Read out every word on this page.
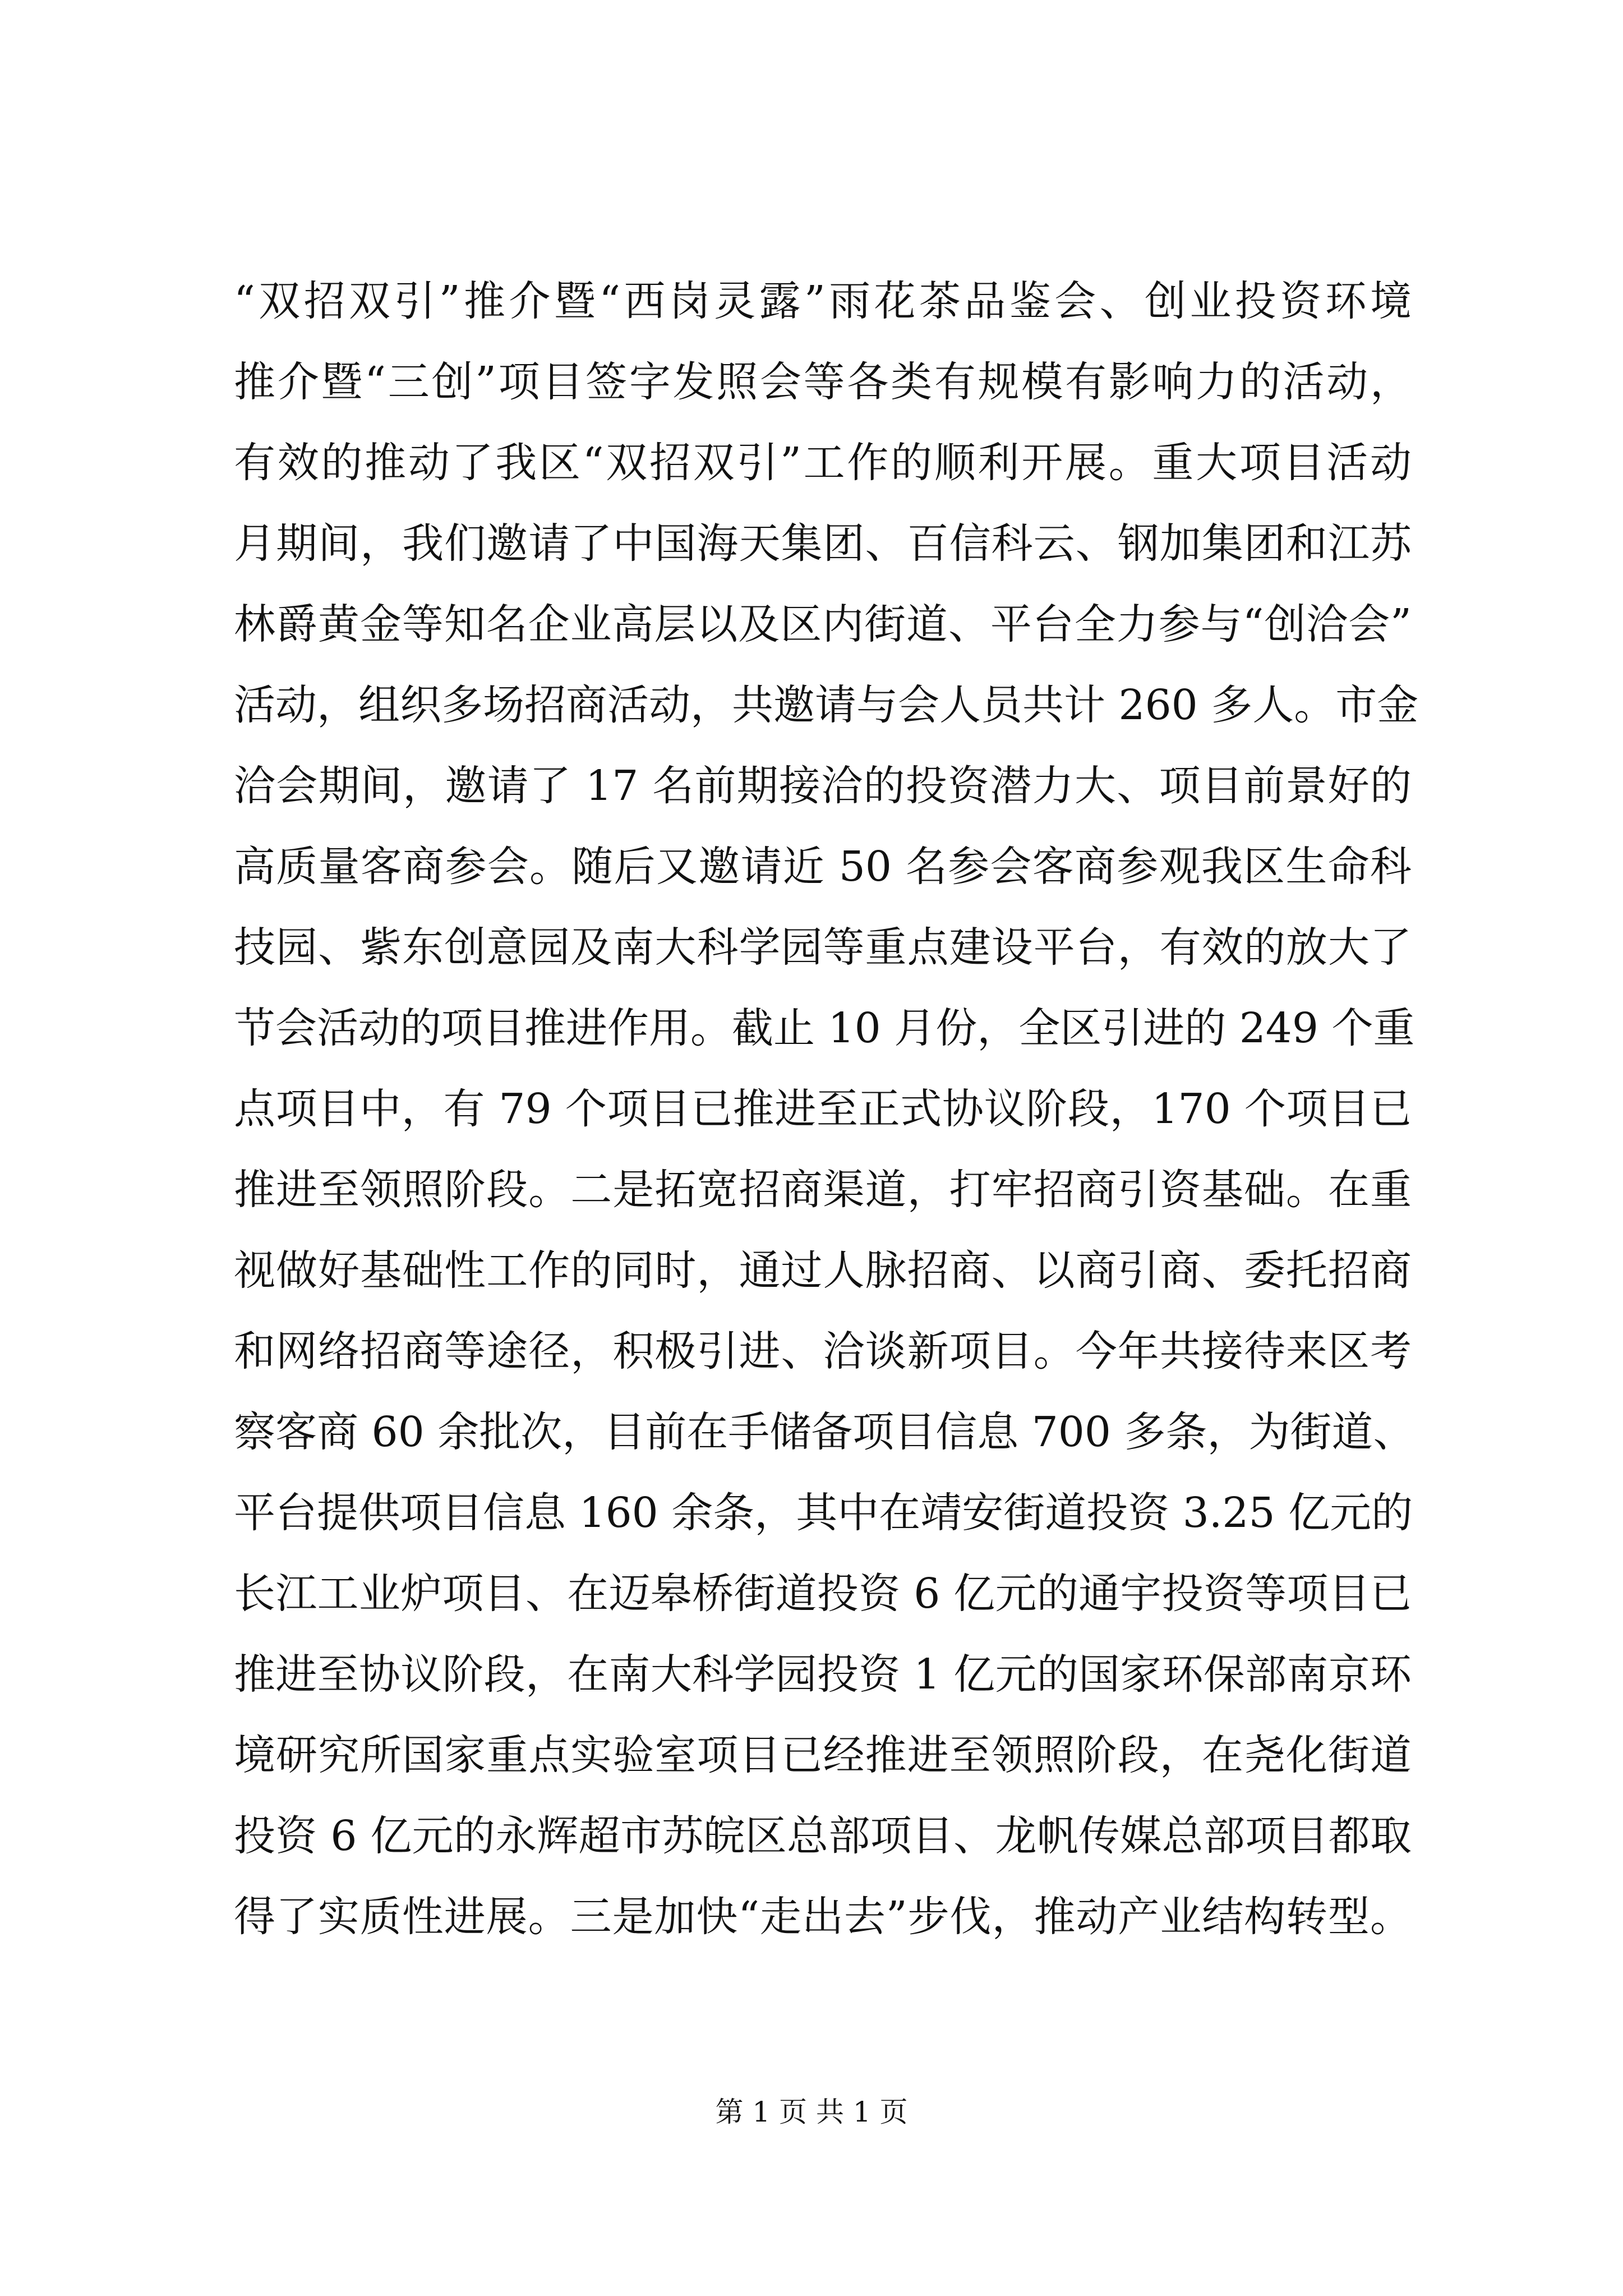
“双招双引”推介暨“西岗灵露”雨花茶品鉴会、创业投资环境
推介暨“三创”项目签字发照会等各类有规模有影响力的活动，
有效的推动了我区“双招双引”工作的顺利开展。重大项目活动
月期间，我们邀请了中国海天集团、百信科云、钢加集团和江苏
林爵黄金等知名企业高层以及区内街道、平台全力参与“创洽会”
活动，组织多场招商活动，共邀请与会人员共计 260 多人。市金
洽会期间，邀请了 17 名前期接洽的投资潜力大、项目前景好的
高质量客商参会。随后又邀请近 50 名参会客商参观我区生命科
技园、紫东创意园及南大科学园等重点建设平台，有效的放大了
节会活动的项目推进作用。截止 10 月份，全区引进的 249 个重
点项目中，有 79 个项目已推进至正式协议阶段，170 个项目已
推进至领照阶段。二是拓宽招商渠道，打牢招商引资基础。在重
视做好基础性工作的同时，通过人脉招商、以商引商、委托招商
和网络招商等途径，积极引进、洽谈新项目。今年共接待来区考
察客商 60 余批次，目前在手储备项目信息 700 多条，为街道、
平台提供项目信息 160 余条，其中在靖安街道投资 3.25 亿元的
长江工业炉项目、在迈皋桥街道投资 6 亿元的通宇投资等项目已
推进至协议阶段，在南大科学园投资 1 亿元的国家环保部南京环
境研究所国家重点实验室项目已经推进至领照阶段，在尧化街道
投资 6 亿元的永辉超市苏皖区总部项目、龙帆传媒总部项目都取
得了实质性进展。三是加快“走出去”步伐，推动产业结构转型。
第 1 页 共 1 页
